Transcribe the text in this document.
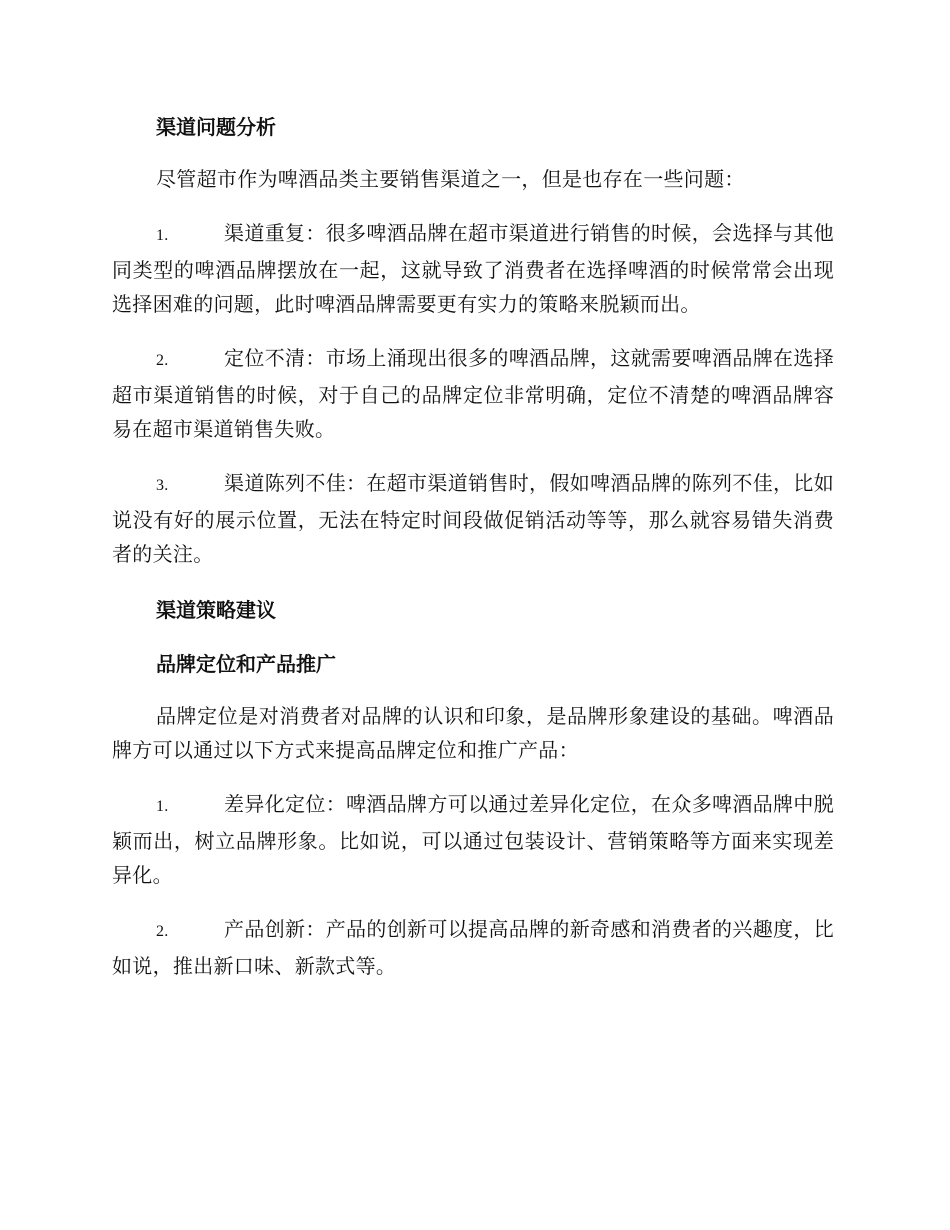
渠道问题分析

尽管超市作为啤酒品类主要销售渠道之一，但是也存在一些问题：

1.	渠道重复：很多啤酒品牌在超市渠道进行销售的时候，会选择与其他同类型的啤酒品牌摆放在一起，这就导致了消费者在选择啤酒的时候常常会出现选择困难的问题，此时啤酒品牌需要更有实力的策略来脱颖而出。

2.	定位不清：市场上涌现出很多的啤酒品牌，这就需要啤酒品牌在选择超市渠道销售的时候，对于自己的品牌定位非常明确，定位不清楚的啤酒品牌容易在超市渠道销售失败。

3.	渠道陈列不佳：在超市渠道销售时，假如啤酒品牌的陈列不佳，比如说没有好的展示位置，无法在特定时间段做促销活动等等，那么就容易错失消费者的关注。

渠道策略建议
品牌定位和产品推广

品牌定位是对消费者对品牌的认识和印象，是品牌形象建设的基础。啤酒品牌方可以通过以下方式来提高品牌定位和推广产品：

1.	差异化定位：啤酒品牌方可以通过差异化定位，在众多啤酒品牌中脱颖而出，树立品牌形象。比如说，可以通过包装设计、营销策略等方面来实现差异化。

2.	产品创新：产品的创新可以提高品牌的新奇感和消费者的兴趣度，比如说，推出新口味、新款式等。
